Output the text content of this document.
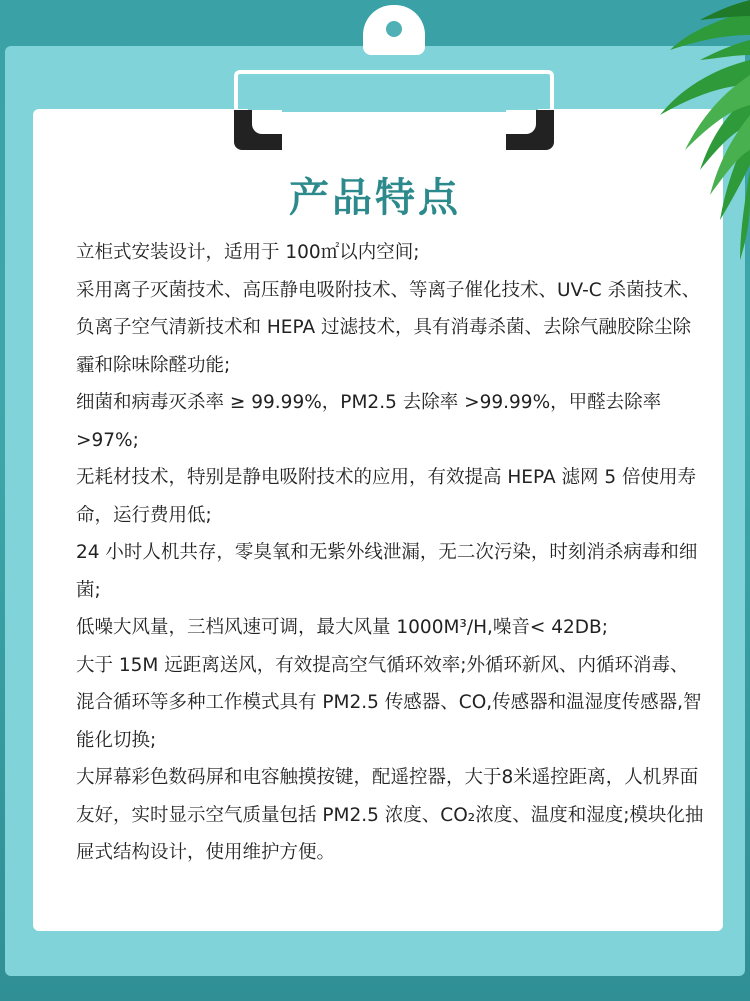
产品特点

立柜式安装设计，适用于 100㎡以内空间;

采用离子灭菌技术、高压静电吸附技术、等离子催化技术、UV-C 杀菌技术、负离子空气清新技术和 HEPA 过滤技术，具有消毒杀菌、去除气融胶除尘除霾和除味除醛功能;

细菌和病毒灭杀率 ≥ 99.99%，PM2.5 去除率 >99.99%，甲醛去除率>97%;

无耗材技术，特别是静电吸附技术的应用，有效提高 HEPA 滤网 5 倍使用寿命，运行费用低;

24 小时人机共存，零臭氧和无紫外线泄漏，无二次污染，时刻消杀病毒和细菌;

低噪大风量，三档风速可调，最大风量 1000M³/H,噪音< 42DB;

大于 15M 远距离送风，有效提高空气循环效率;外循环新风、内循环消毒、混合循环等多种工作模式具有 PM2.5 传感器、CO,传感器和温湿度传感器,智能化切换;

大屏幕彩色数码屏和电容触摸按键，配遥控器，大于8米遥控距离，人机界面友好，实时显示空气质量包括 PM2.5 浓度、CO₂浓度、温度和湿度;模块化抽屉式结构设计，使用维护方便。
